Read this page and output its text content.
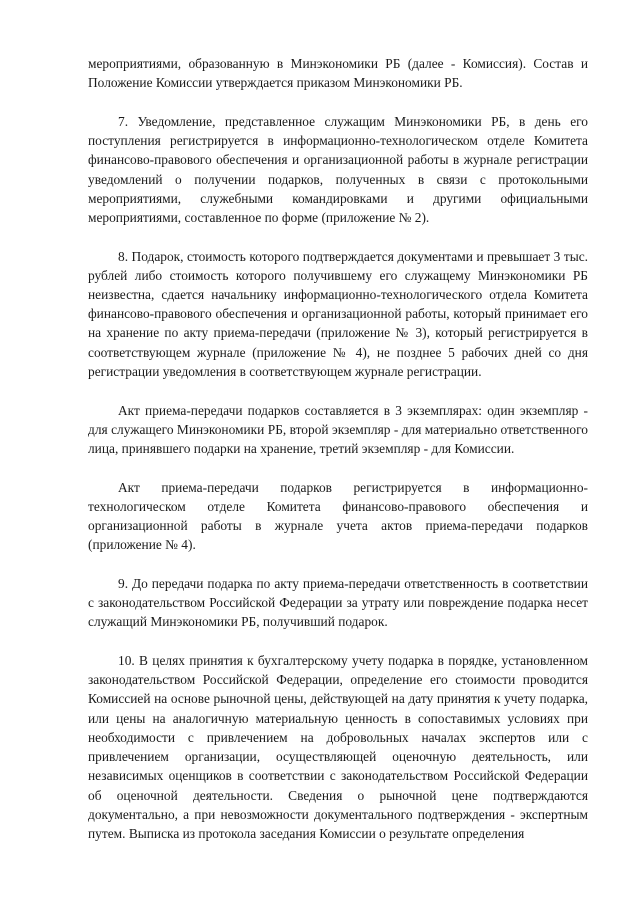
мероприятиями, образованную в Минэкономики РБ (далее - Комиссия). Состав и Положение Комиссии утверждается приказом Минэкономики РБ.

7. Уведомление, представленное служащим Минэкономики РБ, в день его поступления регистрируется в информационно-технологическом отделе Комитета финансово-правового обеспечения и организационной работы в журнале регистрации уведомлений о получении подарков, полученных в связи с протокольными мероприятиями, служебными командировками и другими официальными мероприятиями, составленное по форме (приложение № 2).

8. Подарок, стоимость которого подтверждается документами и превышает 3 тыс. рублей либо стоимость которого получившему его служащему Минэкономики РБ неизвестна, сдается начальнику информационно-технологического отдела Комитета финансово-правового обеспечения и организационной работы, который принимает его на хранение по акту приема-передачи (приложение № 3), который регистрируется в соответствующем журнале (приложение № 4), не позднее 5 рабочих дней со дня регистрации уведомления в соответствующем журнале регистрации.

Акт приема-передачи подарков составляется в 3 экземплярах: один экземпляр - для служащего Минэкономики РБ, второй экземпляр - для материально ответственного лица, принявшего подарки на хранение, третий экземпляр - для Комиссии.

Акт приема-передачи подарков регистрируется в информационно-технологическом отделе Комитета финансово-правового обеспечения и организационной работы в журнале учета актов приема-передачи подарков (приложение № 4).

9. До передачи подарка по акту приема-передачи ответственность в соответствии с законодательством Российской Федерации за утрату или повреждение подарка несет служащий Минэкономики РБ, получивший подарок.

10. В целях принятия к бухгалтерскому учету подарка в порядке, установленном законодательством Российской Федерации, определение его стоимости проводится Комиссией на основе рыночной цены, действующей на дату принятия к учету подарка, или цены на аналогичную материальную ценность в сопоставимых условиях при необходимости с привлечением на добровольных началах экспертов или с привлечением организации, осуществляющей оценочную деятельность, или независимых оценщиков в соответствии с законодательством Российской Федерации об оценочной деятельности. Сведения о рыночной цене подтверждаются документально, а при невозможности документального подтверждения - экспертным путем. Выписка из протокола заседания Комиссии о результате определения
